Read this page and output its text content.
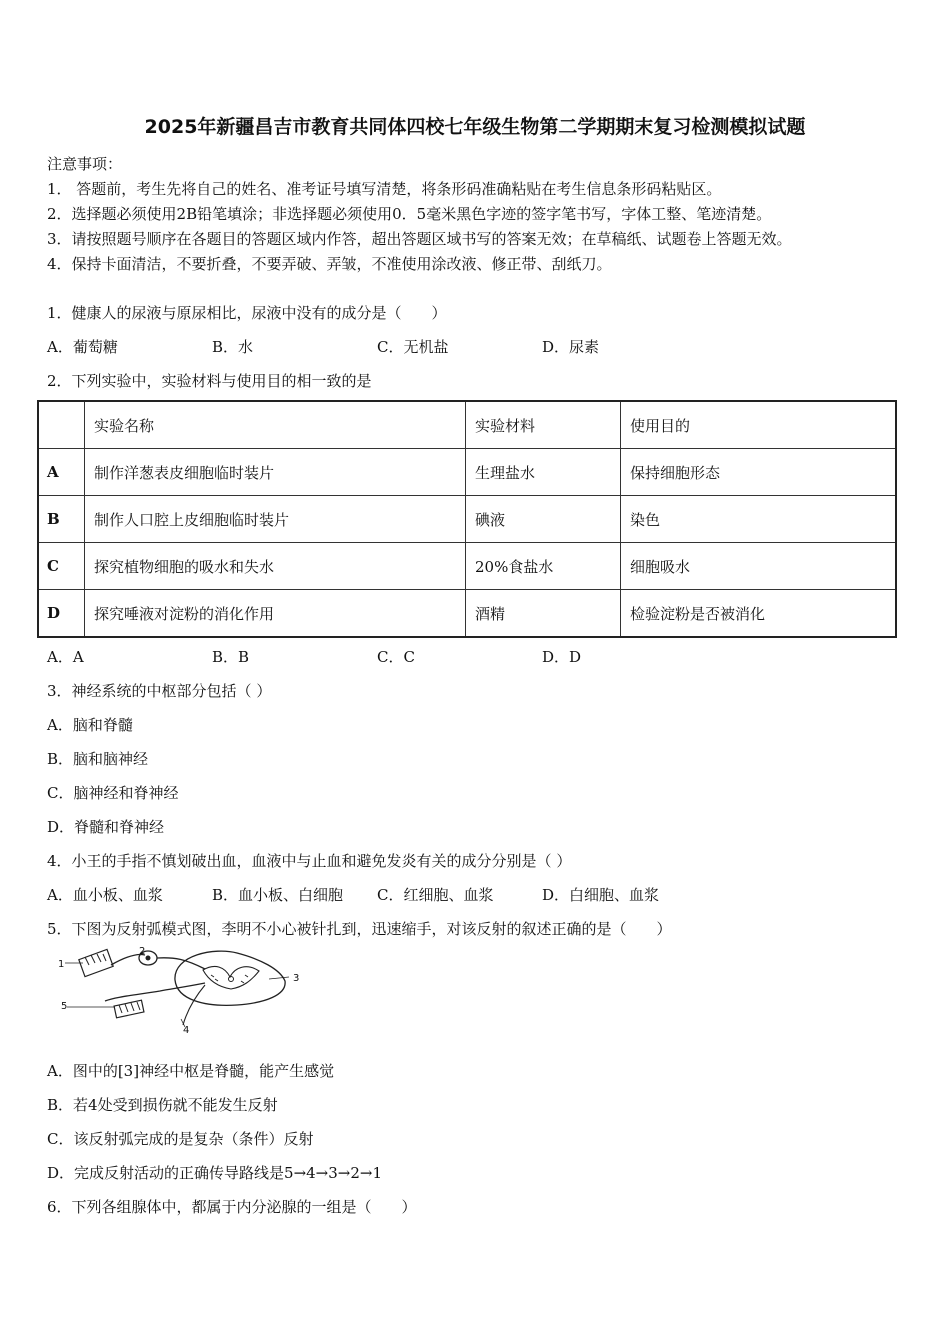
2025年新疆昌吉市教育共同体四校七年级生物第二学期期末复习检测模拟试题
注意事项：
1． 答题前，考生先将自己的姓名、准考证号填写清楚，将条形码准确粘贴在考生信息条形码粘贴区。
2．选择题必须使用2B铅笔填涂；非选择题必须使用0．5毫米黑色字迹的签字笔书写，字体工整、笔迹清楚。
3．请按照题号顺序在各题目的答题区域内作答，超出答题区域书写的答案无效；在草稿纸、试题卷上答题无效。
4．保持卡面清洁，不要折叠，不要弄破、弄皱，不准使用涂改液、修正带、刮纸刀。
1．健康人的尿液与原尿相比，尿液中没有的成分是（　　）
A．葡萄糖	B．水	C．无机盐	D．尿素
2．下列实验中，实验材料与使用目的相一致的是
	实验名称	实验材料	使用目的
A	制作洋葱表皮细胞临时装片	生理盐水	保持细胞形态
B	制作人口腔上皮细胞临时装片	碘液	染色
C	探究植物细胞的吸水和失水	20%食盐水	细胞吸水
D	探究唾液对淀粉的消化作用	酒精	检验淀粉是否被消化
A．A	B．B	C．C	D．D
3．神经系统的中枢部分包括（ ）
A．脑和脊髓
B．脑和脑神经
C．脑神经和脊神经
D．脊髓和脊神经
4．小王的手指不慎划破出血，血液中与止血和避免发炎有关的成分分别是（ ）
A．血小板、血浆	B．血小板、白细胞 C．红细胞、血浆	D．白细胞、血浆
5．下图为反射弧模式图，李明不小心被针扎到，迅速缩手，对该反射的叙述正确的是（　　）
1
2
3
4
5
A．图中的[3]神经中枢是脊髓，能产生感觉
B．若4处受到损伤就不能发生反射
C．该反射弧完成的是复杂（条件）反射
D．完成反射活动的正确传导路线是5→4→3→2→1
6．下列各组腺体中，都属于内分泌腺的一组是（　　）
